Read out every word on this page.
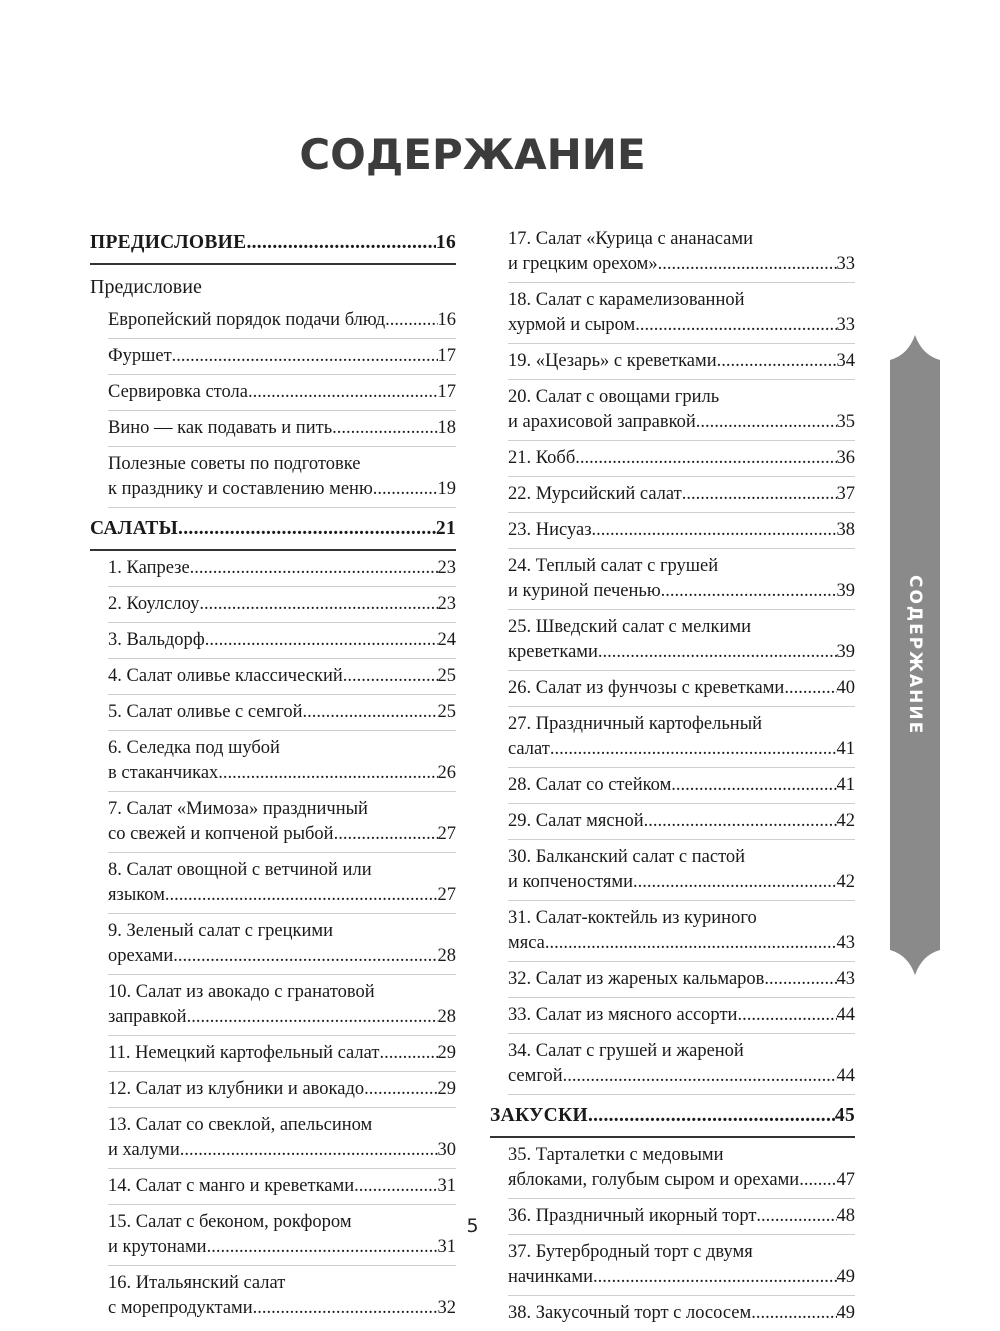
СОДЕРЖАНИЕ
ПРЕДИСЛОВИЕ .....	16
Предисловие
Европейский порядок подачи блюд .....	16
Фуршет .....	17
Сервировка стола .....	17
Вино — как подавать и пить .....	18
Полезные советы по подготовке
к празднику и составлению меню .....	19
САЛАТЫ .....	21
1. Капрезе .....	23
2. Коулслоу .....	23
3. Вальдорф .....	24
4. Салат оливье классический .....	25
5. Салат оливье с семгой .....	25
6. Селедка под шубой
в стаканчиках .....	26
7. Салат «Мимоза» праздничный
со свежей и копченой рыбой .....	27
8. Салат овощной с ветчиной или
языком .....	27
9. Зеленый салат с грецкими
орехами .....	28
10. Салат из авокадо с гранатовой
заправкой .....	28
11. Немецкий картофельный салат .....	29
12. Салат из клубники и авокадо .....	29
13. Салат со свеклой, апельсином
и халуми .....	30
14. Салат с манго и креветками .....	31
15. Салат с беконом, рокфором
и крутонами .....	31
16. Итальянский салат
с морепродуктами .....	32
17. Салат «Курица с ананасами
и грецким орехом» .....	33
18. Салат с карамелизованной
хурмой и сыром .....	33
19. «Цезарь» с креветками .....	34
20. Салат с овощами гриль
и арахисовой заправкой .....	35
21. Кобб .....	36
22. Мурсийский салат .....	37
23. Нисуаз .....	38
24. Теплый салат с грушей
и куриной печенью .....	39
25. Шведский салат с мелкими
креветками .....	39
26. Салат из фунчозы с креветками .....	40
27. Праздничный картофельный
салат .....	41
28. Салат со стейком .....	41
29. Салат мясной .....	42
30. Балканский салат с пастой
и копченостями .....	42
31. Салат-коктейль из куриного
мяса .....	43
32. Салат из жареных кальмаров .....	43
33. Салат из мясного ассорти .....	44
34. Салат с грушей и жареной
семгой .....	44
ЗАКУСКИ .....	45
35. Тарталетки с медовыми
яблоками, голубым сыром и орехами ..... 47
36. Праздничный икорный торт .....	48
37. Бутербродный торт с двумя
начинками .....	49
38. Закусочный торт с лососем .....	49
СОДЕРЖАНИЕ
5
